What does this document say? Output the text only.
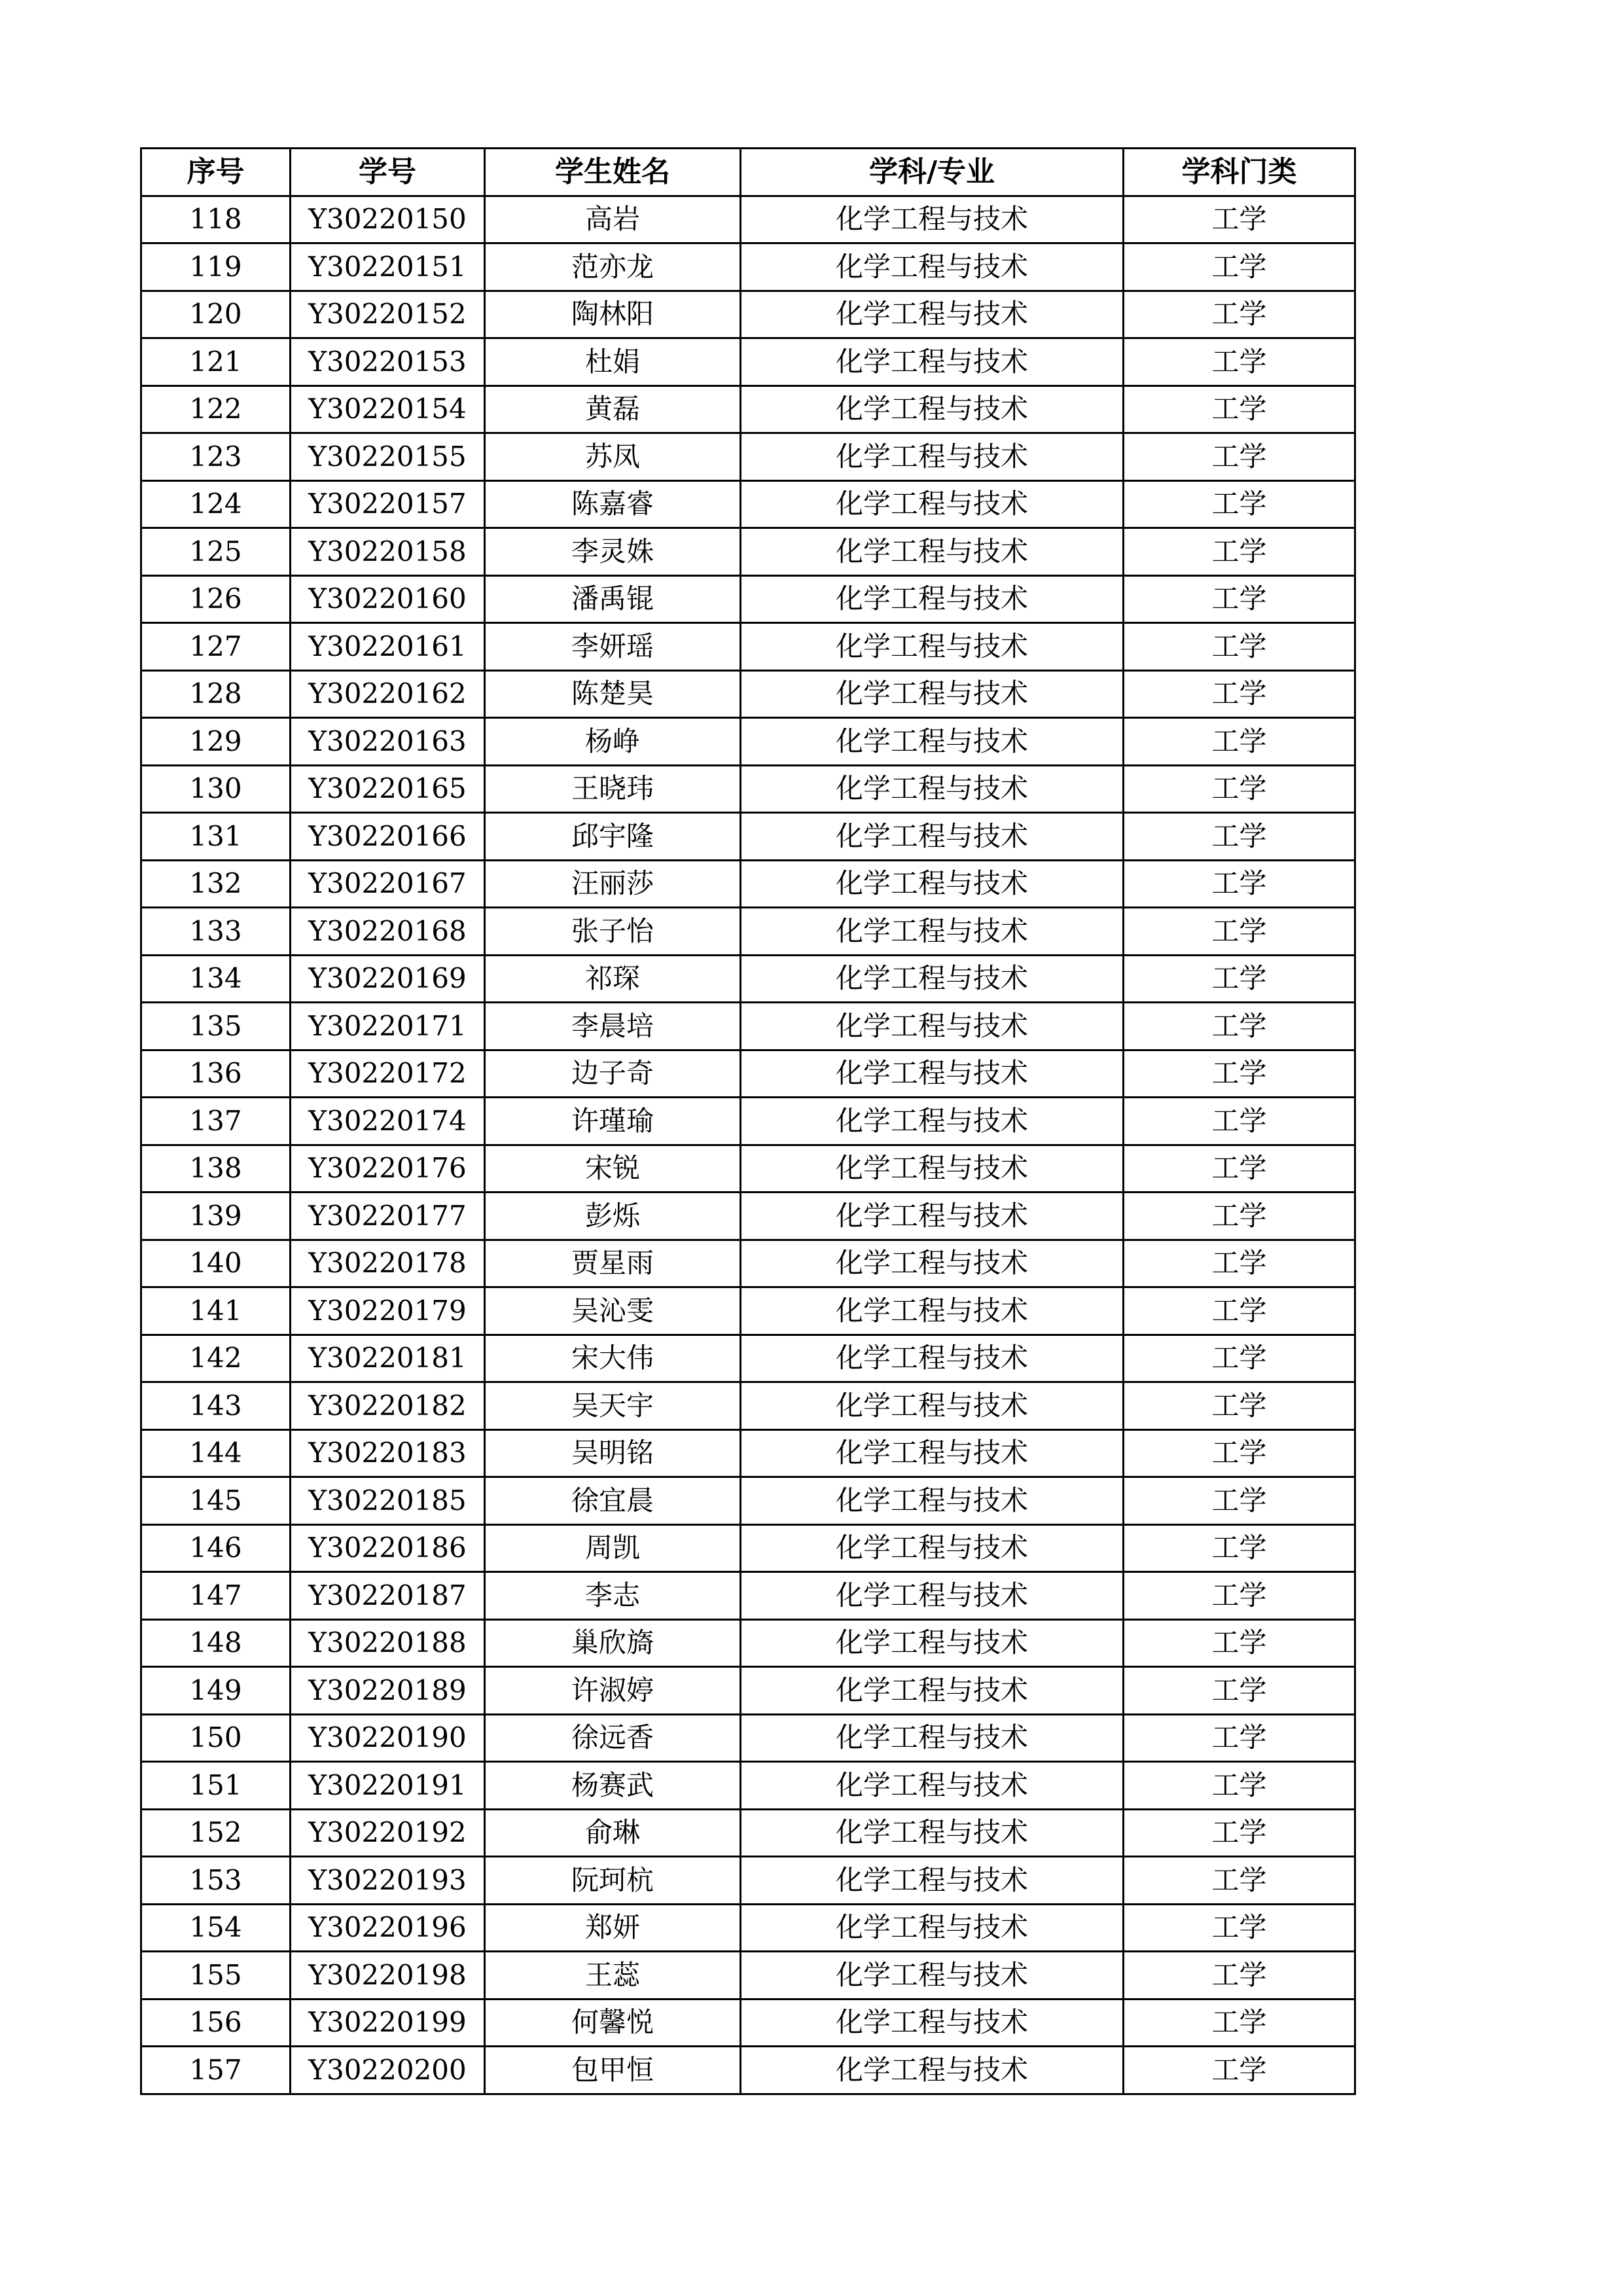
序号	学号	学生姓名	学科/专业	学科门类
118	Y30220150	高岩	化学工程与技术	工学
119	Y30220151	范亦龙	化学工程与技术	工学
120	Y30220152	陶林阳	化学工程与技术	工学
121	Y30220153	杜娟	化学工程与技术	工学
122	Y30220154	黄磊	化学工程与技术	工学
123	Y30220155	苏凤	化学工程与技术	工学
124	Y30220157	陈嘉睿	化学工程与技术	工学
125	Y30220158	李灵姝	化学工程与技术	工学
126	Y30220160	潘禹锟	化学工程与技术	工学
127	Y30220161	李妍瑶	化学工程与技术	工学
128	Y30220162	陈楚昊	化学工程与技术	工学
129	Y30220163	杨峥	化学工程与技术	工学
130	Y30220165	王晓玮	化学工程与技术	工学
131	Y30220166	邱宇隆	化学工程与技术	工学
132	Y30220167	汪丽莎	化学工程与技术	工学
133	Y30220168	张子怡	化学工程与技术	工学
134	Y30220169	祁琛	化学工程与技术	工学
135	Y30220171	李晨培	化学工程与技术	工学
136	Y30220172	边子奇	化学工程与技术	工学
137	Y30220174	许瑾瑜	化学工程与技术	工学
138	Y30220176	宋锐	化学工程与技术	工学
139	Y30220177	彭烁	化学工程与技术	工学
140	Y30220178	贾星雨	化学工程与技术	工学
141	Y30220179	吴沁雯	化学工程与技术	工学
142	Y30220181	宋大伟	化学工程与技术	工学
143	Y30220182	吴天宇	化学工程与技术	工学
144	Y30220183	吴明铭	化学工程与技术	工学
145	Y30220185	徐宜晨	化学工程与技术	工学
146	Y30220186	周凯	化学工程与技术	工学
147	Y30220187	李志	化学工程与技术	工学
148	Y30220188	巢欣旖	化学工程与技术	工学
149	Y30220189	许淑婷	化学工程与技术	工学
150	Y30220190	徐远香	化学工程与技术	工学
151	Y30220191	杨赛武	化学工程与技术	工学
152	Y30220192	俞琳	化学工程与技术	工学
153	Y30220193	阮珂杭	化学工程与技术	工学
154	Y30220196	郑妍	化学工程与技术	工学
155	Y30220198	王蕊	化学工程与技术	工学
156	Y30220199	何馨悦	化学工程与技术	工学
157	Y30220200	包甲恒	化学工程与技术	工学
